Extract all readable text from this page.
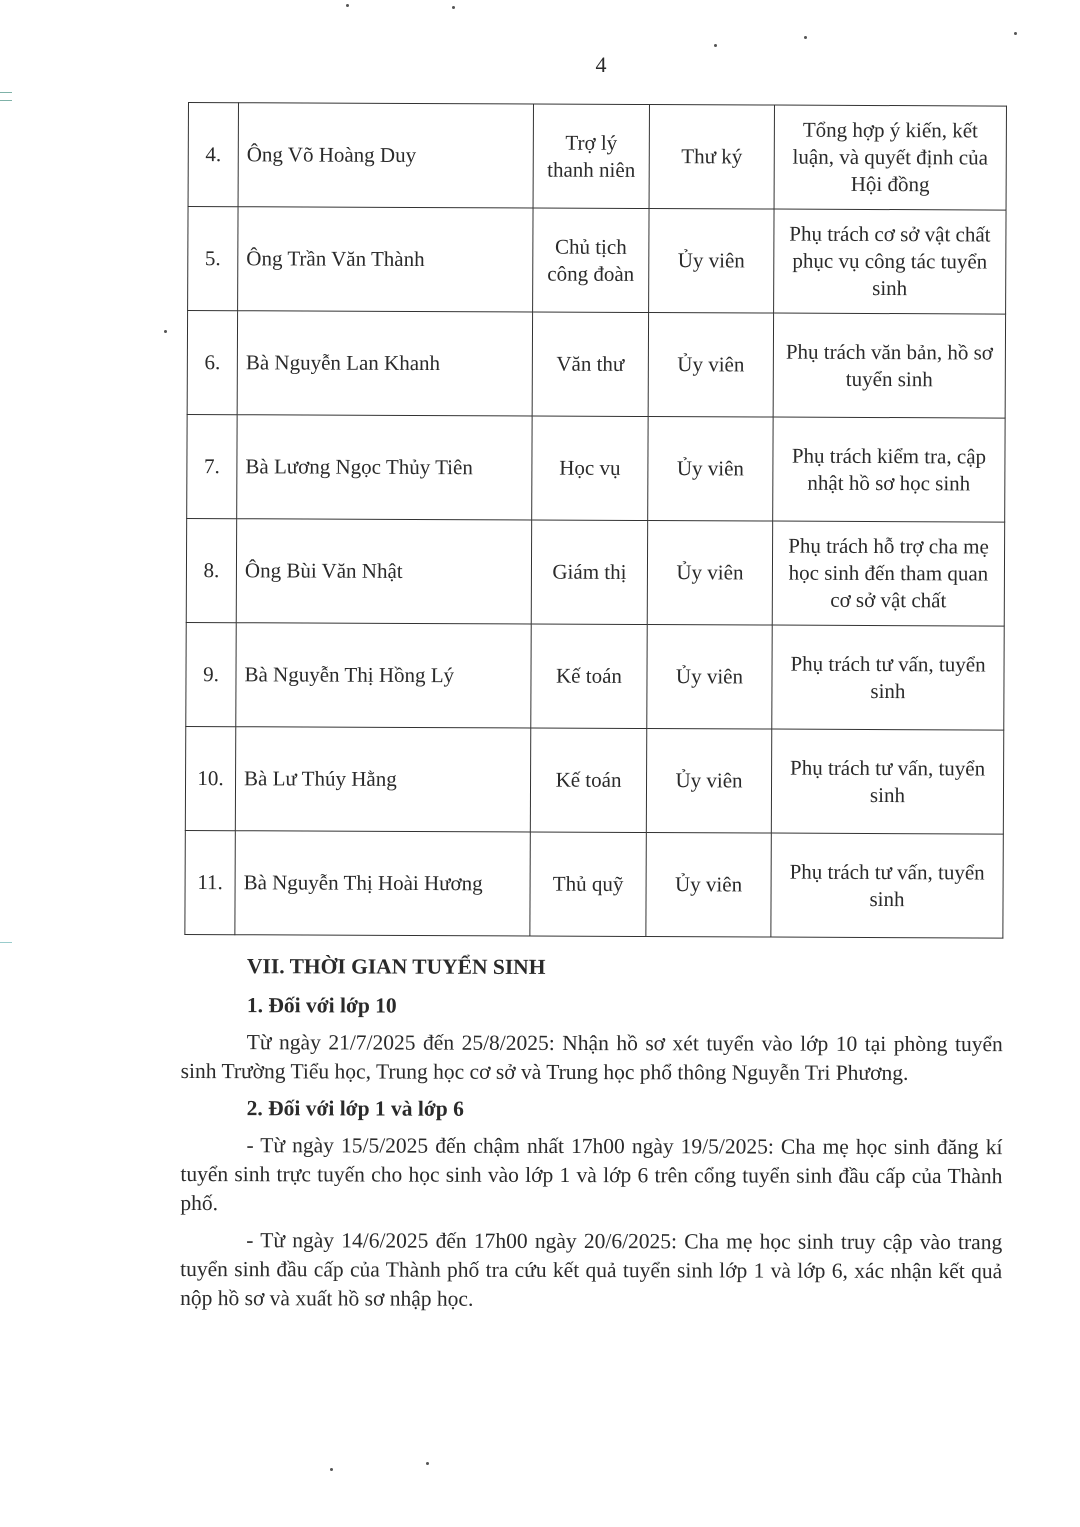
4
4.	Ông Võ Hoàng Duy	Trợ lý thanh niên	Thư ký	Tổng hợp ý kiến, kết luận, và quyết định của Hội đồng
5.	Ông Trần Văn Thành	Chủ tịch công đoàn	Ủy viên	Phụ trách cơ sở vật chất phục vụ công tác tuyển sinh
6.	Bà Nguyễn Lan Khanh	Văn thư	Ủy viên	Phụ trách văn bản, hồ sơ tuyển sinh
7.	Bà Lương Ngọc Thủy Tiên	Học vụ	Ủy viên	Phụ trách kiểm tra, cập nhật hồ sơ học sinh
8.	Ông Bùi Văn Nhật	Giám thị	Ủy viên	Phụ trách hỗ trợ cha mẹ học sinh đến tham quan cơ sở vật chất
9.	Bà Nguyễn Thị Hồng Lý	Kế toán	Ủy viên	Phụ trách tư vấn, tuyển sinh
10.	Bà Lư Thúy Hằng	Kế toán	Ủy viên	Phụ trách tư vấn, tuyển sinh
11.	Bà Nguyễn Thị Hoài Hương	Thủ quỹ	Ủy viên	Phụ trách tư vấn, tuyển sinh
VII. THỜI GIAN TUYỂN SINH
1. Đối với lớp 10

Từ ngày 21/7/2025 đến 25/8/2025: Nhận hồ sơ xét tuyển vào lớp 10 tại phòng tuyển sinh Trường Tiểu học, Trung học cơ sở và Trung học phổ thông Nguyễn Tri Phương.

2. Đối với lớp 1 và lớp 6

- Từ ngày 15/5/2025 đến chậm nhất 17h00 ngày 19/5/2025: Cha mẹ học sinh đăng kí tuyển sinh trực tuyến cho học sinh vào lớp 1 và lớp 6 trên cổng tuyển sinh đầu cấp của Thành phố.

- Từ ngày 14/6/2025 đến 17h00 ngày 20/6/2025: Cha mẹ học sinh truy cập vào trang tuyển sinh đầu cấp của Thành phố tra cứu kết quả tuyển sinh lớp 1 và lớp 6, xác nhận kết quả nộp hồ sơ và xuất hồ sơ nhập học.
